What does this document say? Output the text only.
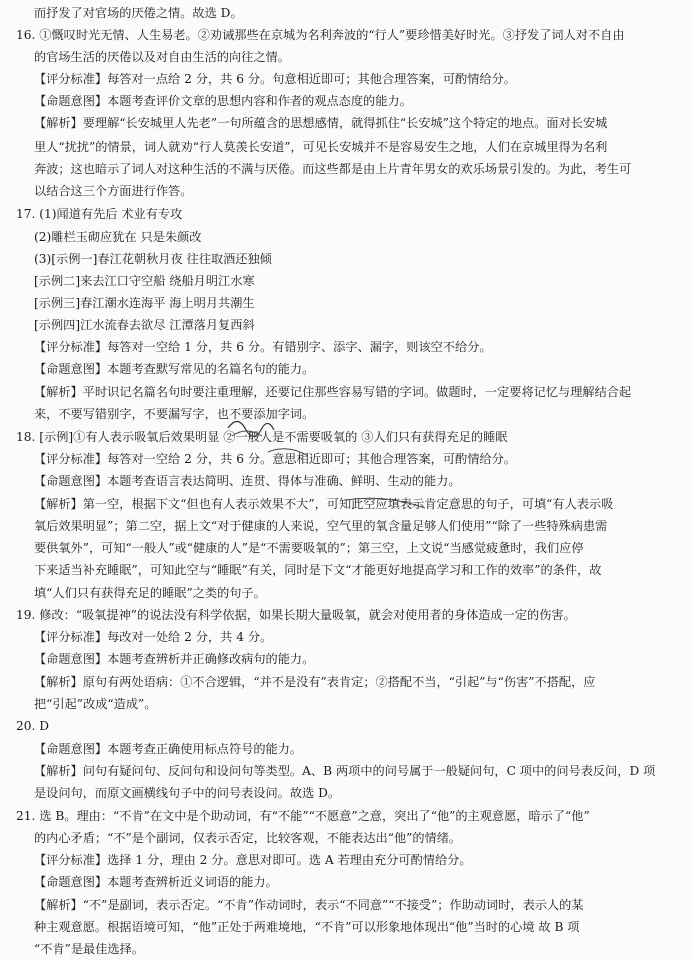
而抒发了对官场的厌倦之情。故选 D。
16. ①慨叹时光无情、人生易老。②劝诫那些在京城为名利奔波的“行人”要珍惜美好时光。③抒发了词人对不自由
的官场生活的厌倦以及对自由生活的向往之情。
【评分标准】每答对一点给 2 分，共 6 分。句意相近即可；其他合理答案，可酌情给分。
【命题意图】本题考查评价文章的思想内容和作者的观点态度的能力。
【解析】要理解“长安城里人先老”一句所蕴含的思想感情，就得抓住“长安城”这个特定的地点。面对长安城
里人“扰扰”的情景，词人就劝“行人莫羡长安道”，可见长安城并不是容易安生之地，人们在京城里得为名利
奔波；这也暗示了词人对这种生活的不满与厌倦。而这些都是由上片青年男女的欢乐场景引发的。为此，考生可
以结合这三个方面进行作答。
17. (1)闻道有先后 术业有专攻
(2)雕栏玉砌应犹在 只是朱颜改
(3)[示例一]春江花朝秋月夜 往往取酒还独倾
[示例二]来去江口守空船 绕船月明江水寒
[示例三]春江潮水连海平 海上明月共潮生
[示例四]江水流春去欲尽 江潭落月复西斜
【评分标准】每答对一空给 1 分，共 6 分。有错别字、添字、漏字，则该空不给分。
【命题意图】本题考查默写常见的名篇名句的能力。
【解析】平时识记名篇名句时要注重理解，还要记住那些容易写错的字词。做题时，一定要将记忆与理解结合起
来，不要写错别字，不要漏写字，也不要添加字词。
18. [示例]①有人表示吸氧后效果明显 ②一般人是不需要吸氧的 ③人们只有获得充足的睡眠
【评分标准】每答对一空给 2 分，共 6 分。意思相近即可；其他合理答案，可酌情给分。
【命题意图】本题考查语言表达简明、连贯、得体与准确、鲜明、生动的能力。
【解析】第一空，根据下文“但也有人表示效果不大”，可知此空应填表示肯定意思的句子，可填“有人表示吸
氧后效果明显”；第二空，据上文“对于健康的人来说，空气里的氧含量足够人们使用”“除了一些特殊病患需
要供氧外”，可知“一般人”或“健康的人”是“不需要吸氧的”；第三空，上文说“当感觉疲惫时，我们应停
下来适当补充睡眠”，可知此空与“睡眠”有关，同时是下文“才能更好地提高学习和工作的效率”的条件，故
填“人们只有获得充足的睡眠”之类的句子。
19. 修改：“吸氧提神”的说法没有科学依据，如果长期大量吸氧，就会对使用者的身体造成一定的伤害。
【评分标准】每改对一处给 2 分，共 4 分。
【命题意图】本题考查辨析并正确修改病句的能力。
【解析】原句有两处语病：①不合逻辑，“并不是没有”表肯定；②搭配不当，“引起”与“伤害”不搭配，应
把“引起”改成“造成”。
20. D
【命题意图】本题考查正确使用标点符号的能力。
【解析】问句有疑问句、反问句和设问句等类型。A、B 两项中的问号属于一般疑问句，C 项中的问号表反问，D 项
是设问句，而原文画横线句子中的问号表设问。故选 D。
21. 选 B。理由：“不肯”在文中是个助动词，有“不能”“不愿意”之意，突出了“他”的主观意愿，暗示了“他”
的内心矛盾；“不”是个副词，仅表示否定，比较客观，不能表达出“他”的情绪。
【评分标准】选择 1 分，理由 2 分。意思对即可。选 A 若理由充分可酌情给分。
【命题意图】本题考查辨析近义词语的能力。
【解析】“不”是副词，表示否定。“不肯”作动词时，表示“不同意”“不接受”；作助动词时，表示人的某
种主观意愿。根据语境可知，“他”正处于两难境地，“不肯”可以形象地体现出“他”当时的心境 故 B 项
“不肯”是最佳选择。
